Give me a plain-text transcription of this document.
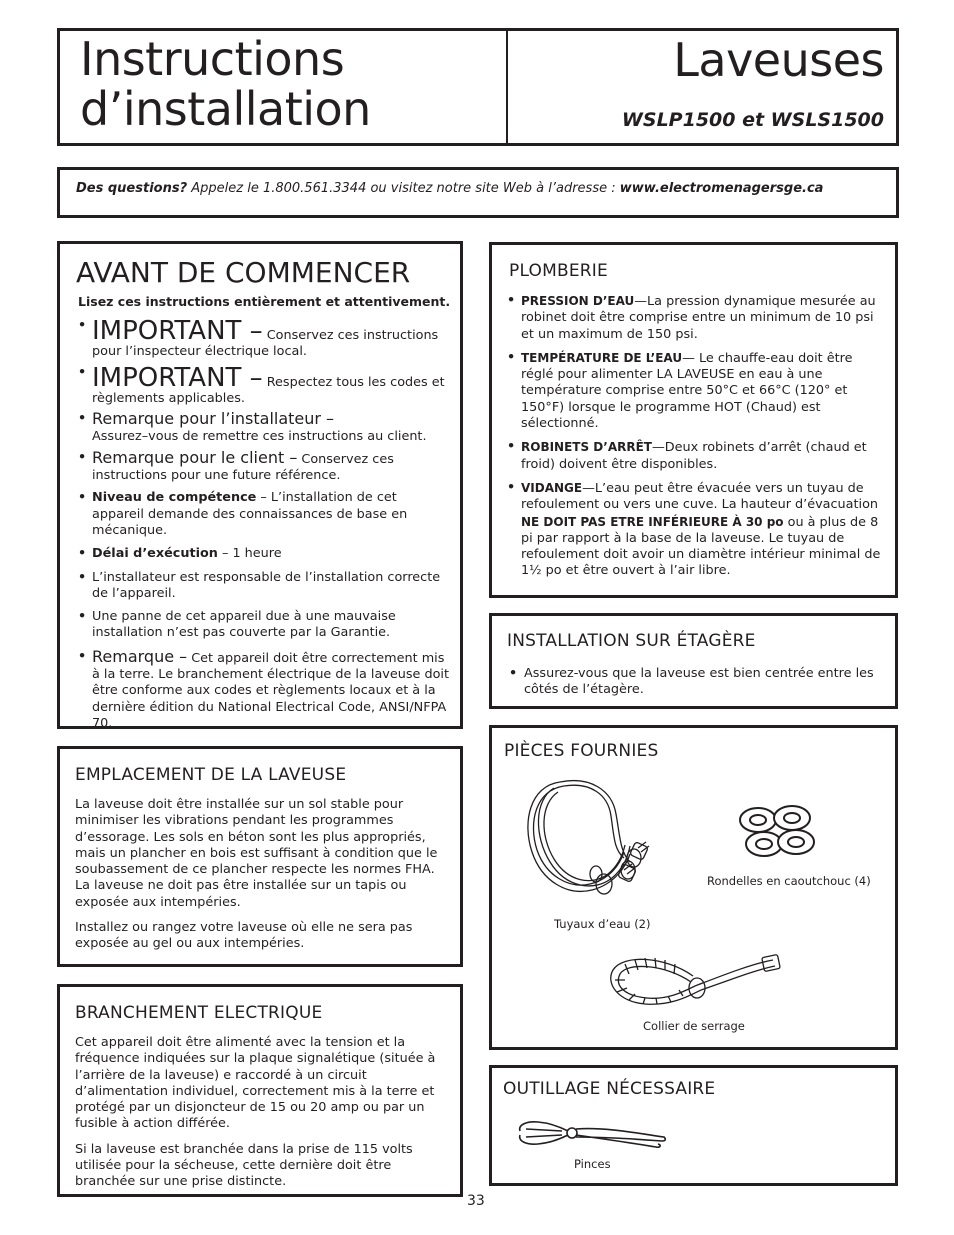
Instructions
d’installation
Laveuses
WSLP1500 et WSLS1500
Des questions? Appelez le 1.800.561.3344 ou visitez notre site Web à l’adresse : www.electromenagersge.ca
AVANT DE COMMENCER
Lisez ces instructions entièrement et attentivement.
• IMPORTANT – Conservez ces instructions pour l’inspecteur électrique local.
• IMPORTANT – Respectez tous les codes et règlements applicables.
• Remarque pour l’installateur –
Assurez–vous de remettre ces instructions au client.
• Remarque pour le client – Conservez ces instructions pour une future référence.
• Niveau de compétence – L’installation de cet appareil demande des connaissances de base en mécanique.
• Délai d’exécution – 1 heure
• L’installateur est responsable de l’installation correcte de l’appareil.
• Une panne de cet appareil due à une mauvaise installation n’est pas couverte par la Garantie.
• Remarque – Cet appareil doit être correctement mis à la terre. Le branchement électrique de la laveuse doit être conforme aux codes et règlements locaux et à la dernière édition du National Electrical Code, ANSI/NFPA 70.
EMPLACEMENT DE LA LAVEUSE

La laveuse doit être installée sur un sol stable pour minimiser les vibrations pendant les programmes d’essorage. Les sols en béton sont les plus appropriés, mais un plancher en bois est suffisant à condition que le soubassement de ce plancher respecte les normes FHA. La laveuse ne doit pas être installée sur un tapis ou exposée aux intempéries.

Installez ou rangez votre laveuse où elle ne sera pas exposée au gel ou aux intempéries.

BRANCHEMENT ELECTRIQUE

Cet appareil doit être alimenté avec la tension et la fréquence indiquées sur la plaque signalétique (située à l’arrière de la laveuse) e raccordé à un circuit d’alimentation individuel, correctement mis à la terre et protégé par un disjoncteur de 15 ou 20 amp ou par un fusible à action différée.

Si la laveuse est branchée dans la prise de 115 volts utilisée pour la sécheuse, cette dernière doit être branchée sur une prise distincte.

PLOMBERIE
• PRESSION D’EAU—La pression dynamique mesurée au robinet doit être comprise entre un minimum de 10 psi et un maximum de 150 psi.
• TEMPÉRATURE DE L’EAU— Le chauffe-eau doit être réglé pour alimenter LA LAVEUSE en eau à une température comprise entre 50°C et 66°C (120° et 150°F) lorsque le programme HOT (Chaud) est sélectionné.
• ROBINETS D’ARRÊT—Deux robinets d’arrêt (chaud et froid) doivent être disponibles.
• VIDANGE—L’eau peut être évacuée vers un tuyau de refoulement ou vers une cuve. La hauteur d’évacuation NE DOIT PAS ETRE INFÉRIEURE À 30 po ou à plus de 8 pi par rapport à la base de la laveuse. Le tuyau de refoulement doit avoir un diamètre intérieur minimal de 1½ po et être ouvert à l’air libre.
INSTALLATION SUR ÉTAGÈRE
• Assurez-vous que la laveuse est bien centrée entre les côtés de l’étagère.
PIÈCES FOURNIES
Rondelles en caoutchouc (4)
Tuyaux d’eau (2)
Collier de serrage
OUTILLAGE NÉCESSAIRE
Pinces
33
